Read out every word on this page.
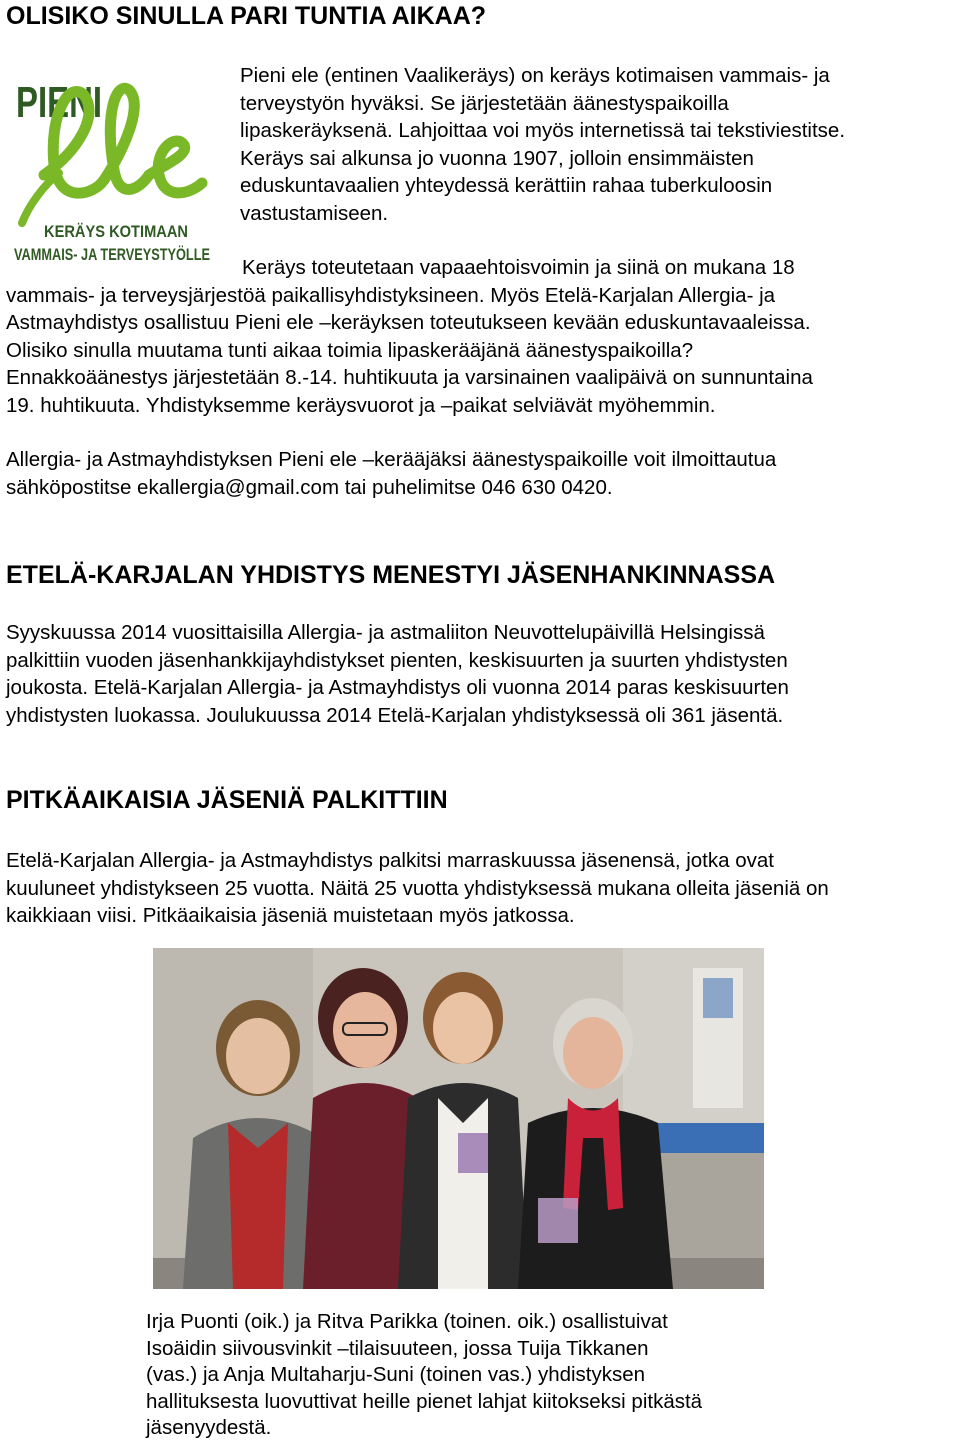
OLISIKO SINULLA PARI TUNTIA AIKAA?
PIENI
KERÄYS KOTIMAAN
VAMMAIS- JA TERVEYSTYÖLLE
Pieni ele (entinen Vaalikeräys) on keräys kotimaisen vammais- ja
terveystyön hyväksi. Se järjestetään äänestyspaikoilla
lipaskeräyksenä. Lahjoittaa voi myös internetissä tai tekstiviestitse.
Keräys sai alkunsa jo vuonna 1907, jolloin ensimmäisten
eduskuntavaalien yhteydessä kerättiin rahaa tuberkuloosin
vastustamiseen.
Keräys toteutetaan vapaaehtoisvoimin ja siinä on mukana 18
vammais- ja terveysjärjestöä paikallisyhdistyksineen. Myös Etelä-Karjalan Allergia- ja
Astmayhdistys osallistuu Pieni ele –keräyksen toteutukseen kevään eduskuntavaaleissa.
Olisiko sinulla muutama tunti aikaa toimia lipaskerääjänä äänestyspaikoilla?
Ennakkoäänestys järjestetään 8.-14. huhtikuuta ja varsinainen vaalipäivä on sunnuntaina
19. huhtikuuta. Yhdistyksemme keräysvuorot ja –paikat selviävät myöhemmin.
Allergia- ja Astmayhdistyksen Pieni ele –kerääjäksi äänestyspaikoille voit ilmoittautua
sähköpostitse ekallergia@gmail.com tai puhelimitse 046 630 0420.
ETELÄ-KARJALAN YHDISTYS MENESTYI JÄSENHANKINNASSA
Syyskuussa 2014 vuosittaisilla Allergia- ja astmaliiton Neuvottelupäivillä Helsingissä
palkittiin vuoden jäsenhankkijayhdistykset pienten, keskisuurten ja suurten yhdistysten
joukosta. Etelä-Karjalan Allergia- ja Astmayhdistys oli vuonna 2014 paras keskisuurten
yhdistysten luokassa. Joulukuussa 2014 Etelä-Karjalan yhdistyksessä oli 361 jäsentä.
PITKÄAIKAISIA JÄSENIÄ PALKITTIIN
Etelä-Karjalan Allergia- ja Astmayhdistys palkitsi marraskuussa jäsenensä, jotka ovat
kuuluneet yhdistykseen 25 vuotta. Näitä 25 vuotta yhdistyksessä mukana olleita jäseniä on
kaikkiaan viisi. Pitkäaikaisia jäseniä muistetaan myös jatkossa.
Irja Puonti (oik.) ja Ritva Parikka (toinen. oik.) osallistuivat
Isoäidin siivousvinkit –tilaisuuteen, jossa Tuija Tikkanen
(vas.) ja Anja Multaharju-Suni (toinen vas.) yhdistyksen
hallituksesta luovuttivat heille pienet lahjat kiitokseksi pitkästä
jäsenyydestä.
